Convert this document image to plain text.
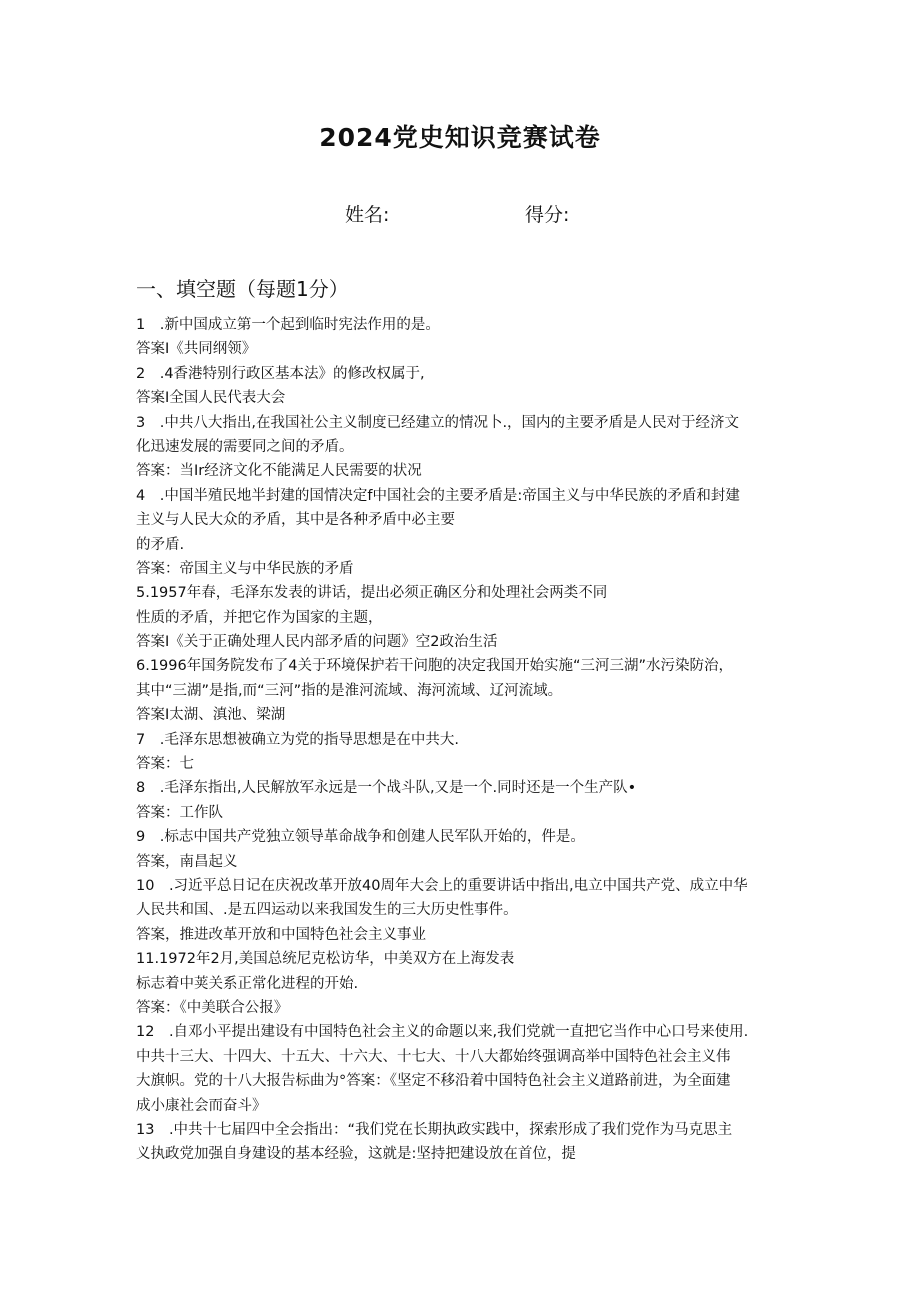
2024党史知识竞赛试卷
姓名:	得分:
一、填空题（每题1分）
1　.新中国成立第一个起到临时宪法作用的是。
答案I《共同纲领》
2　.4香港特别行政区基本法》的修改权属于,
答案I全国人民代表大会
3　.中共八大指出,在我国社公主义制度已经建立的情况卜.，国内的主要矛盾是人民对于经济文
化迅速发展的需要同之间的矛盾。
答案：当Ir经济文化不能满足人民需要的状况
4　.中国半殖民地半封建的国情决定f中国社会的主要矛盾是:帝国主义与中华民族的矛盾和封建
主义与人民大众的矛盾，其中是各种矛盾中必主要
的矛盾.
答案：帝国主义与中华民族的矛盾
5.1957年春，毛泽东发表的讲话，提出必须正确区分和处理社会两类不同
性质的矛盾，并把它作为国家的主题，
答案I《关于正确处理人民内部矛盾的问题》空2政治生活
6.1996年国务院发布了4关于环境保护若干问胞的决定我国开始实施“三河三湖”水污染防治，
其中“三湖”是指,而“三河”指的是淮河流域、海河流域、辽河流域。
答案I太湖、滇池、梁湖
7　.毛泽东思想被确立为党的指导思想是在中共大.
答案：七
8　.毛泽东指出,人民解放军永远是一个战斗队,又是一个.同时还是一个生产队•
答案：工作队
9　.标志中国共产党独立领导革命战争和创建人民军队开始的，件是。
答案，南昌起义
10　.习近平总日记在庆祝改革开放40周年大会上的重要讲话中指出,电立中国共产党、成立中华
人民共和国、.是五四运动以来我国发生的三大历史性事件。
答案，推进改革开放和中国特色社会主义事业
11.1972年2月,美国总统尼克松访华，中美双方在上海发表
标志着中荚关系正常化进程的开始.
答案：《中美联合公报》
12　.自邓小平提出建设有中国特色社会主义的命题以来,我们党就一直把它当作中心口号来使用.
中共十三大、十四大、十五大、十六大、十七大、十八大都始终强调高举中国特色社会主义伟
大旗帜。党的十八大报告标曲为°答案：《坚定不移沿着中国特色社会主义道路前进，为全面建
成小康社会而奋斗》
13　.中共十七届四中全会指出：“我们党在长期执政实践中，探索形成了我们党作为马克思主
义执政党加强自身建设的基本经验，这就是:坚持把建设放在首位，提
